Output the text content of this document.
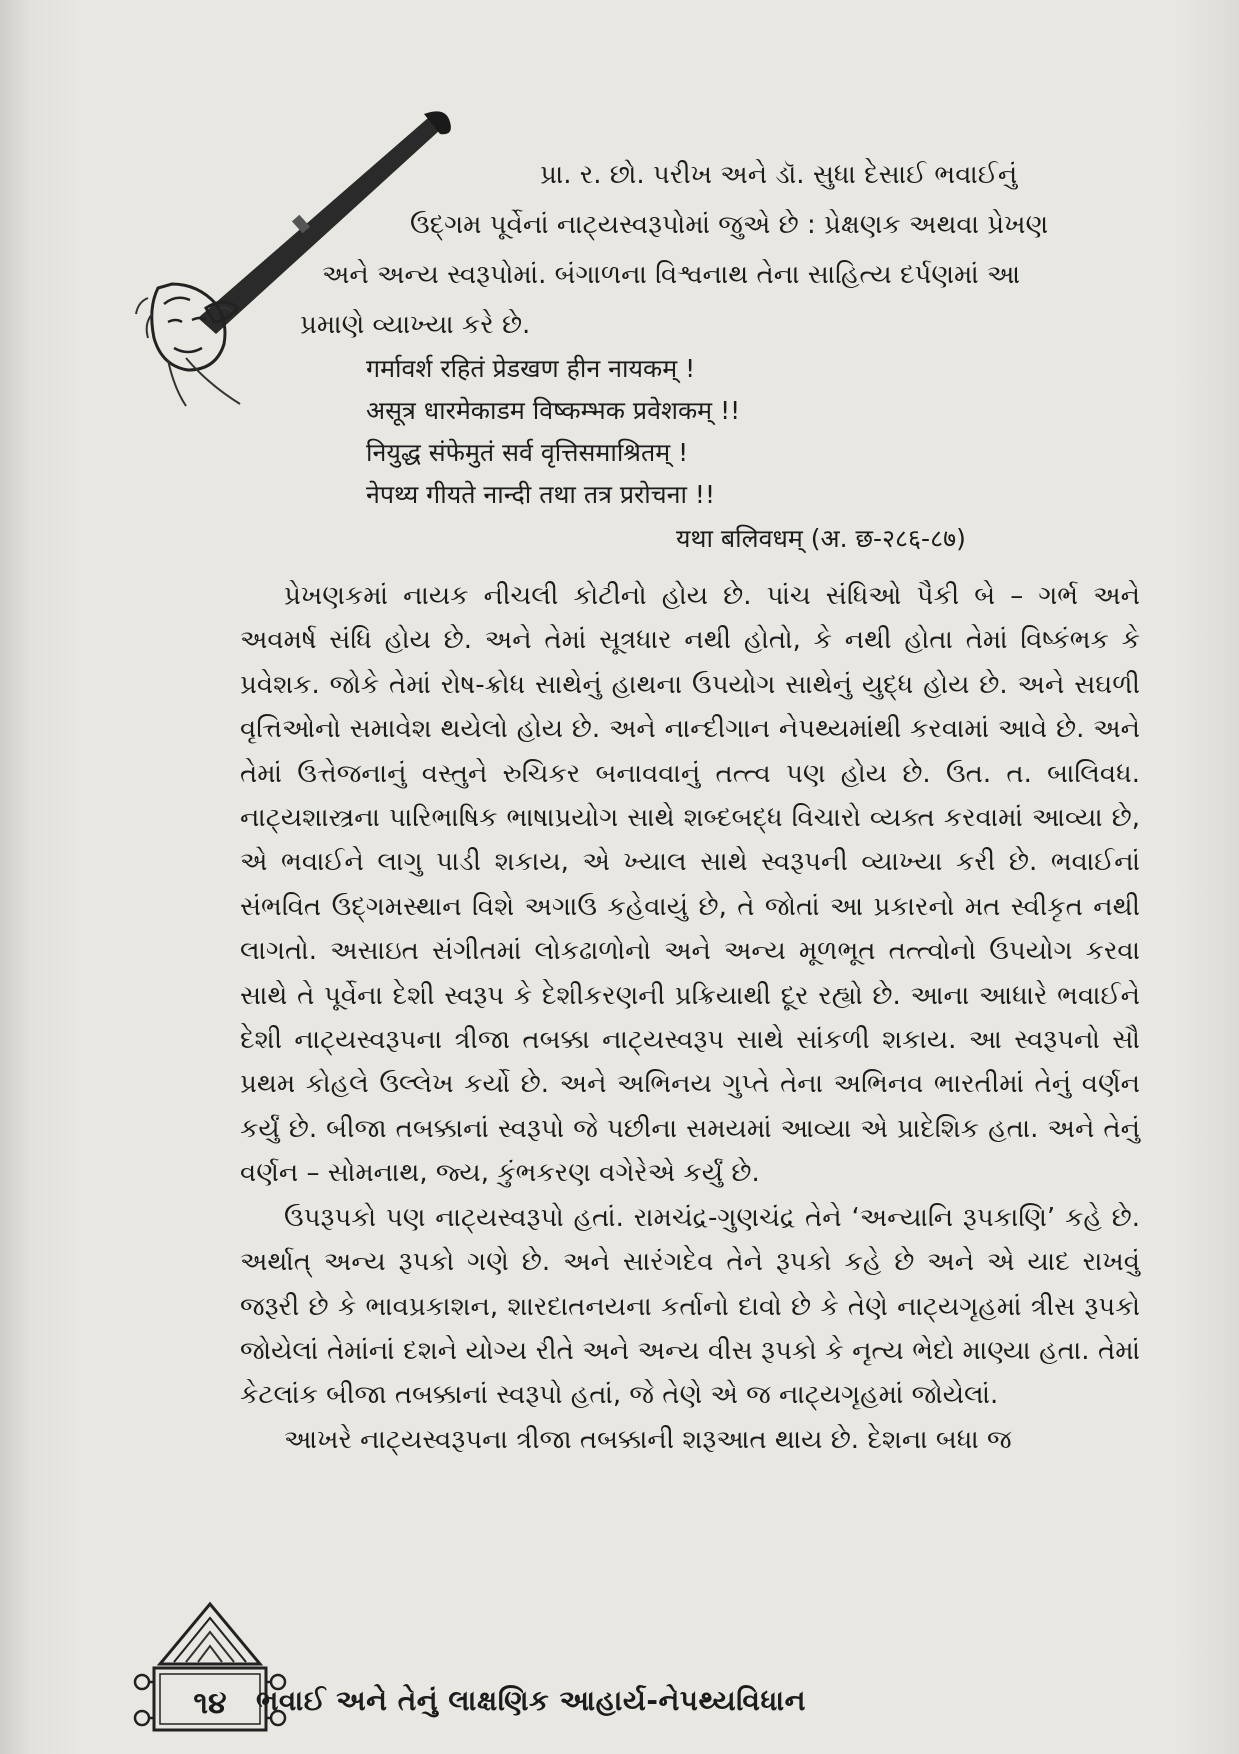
પ્રા. ર. છો. પરીખ અને ડૉ. સુધા દેસાઈ ભવાઈનું

ઉદ્ગમ પૂર્વેનાં નાટ્યસ્વરૂપોમાં જુએ છે : પ્રેક્ષણક અથવા પ્રેખણ

અને અન્ય સ્વરૂપોમાં. બંગાળના વિશ્વનાથ તેના સાહિત્ય દર્પણમાં આ

પ્રમાણે વ્યાખ્યા કરે છે.

गर्मावर्श रहितं प्रेडखण हीन नायकम् !

असूत्र धारमेकाडम विष्कम्भक प्रवेशकम् !!

नियुद्ध संफेमुतं सर्व वृत्तिसमाश्रितम् !

नेपथ्य गीयते नान्दी तथा तत्र प्ररोचना !!

यथा बलिवधम् (अ. छ-२८६-८७)

પ્રેખણકમાં નાયક નીચલી કોટીનો હોય છે. પાંચ સંધિઓ પૈકી બે – ગર્ભ અને અવમર્ષ સંધિ હોય છે. અને તેમાં સૂત્રધાર નથી હોતો, કે નથી હોતા તેમાં વિષ્કંભક કે પ્રવેશક. જોકે તેમાં રોષ-ક્રોધ સાથેનું હાથના ઉપયોગ સાથેનું યુદ્ધ હોય છે. અને સઘળી વૃત્તિઓનો સમાવેશ થયેલો હોય છે. અને નાન્દીગાન નેપથ્યમાંથી કરવામાં આવે છે. અને તેમાં ઉત્તેજનાનું વસ્તુને રુચિકર બનાવવાનું તત્ત્વ પણ હોય છે. ઉત. ત. બાલિવધ. નાટ્યશાસ્ત્રના પારિભાષિક ભાષાપ્રયોગ સાથે શબ્દબદ્ધ વિચારો વ્યક્ત કરવામાં આવ્યા છે, એ ભવાઈને લાગુ પાડી શકાય, એ ખ્યાલ સાથે સ્વરૂપની વ્યાખ્યા કરી છે. ભવાઈનાં સંભવિત ઉદ્ગમસ્થાન વિશે અગાઉ કહેવાયું છે, તે જોતાં આ પ્રકારનો મત સ્વીકૃત નથી લાગતો. અસાઇત સંગીતમાં લોકઢાળોનો અને અન્ય મૂળભૂત તત્ત્વોનો ઉપયોગ કરવા સાથે તે પૂર્વેના દેશી સ્વરૂપ કે દેશીકરણની પ્રક્રિયાથી દૂર રહ્યો છે. આના આધારે ભવાઈને દેશી નાટ્યસ્વરૂપના ત્રીજા તબક્કા નાટ્યસ્વરૂપ સાથે સાંકળી શકાય. આ સ્વરૂપનો સૌ પ્રથમ કોહલે ઉલ્લેખ કર્યો છે. અને અભિનય ગુપ્તે તેના અભિનવ ભારતીમાં તેનું વર્ણન કર્યું છે. બીજા તબક્કાનાં સ્વરૂપો જે પછીના સમયમાં આવ્યા એ પ્રાદેશિક હતા. અને તેનું વર્ણન – સોમનાથ, જ્ય, કુંભકરણ વગેરેએ કર્યું છે.

ઉપરૂપકો પણ નાટ્યસ્વરૂપો હતાં. રામચંદ્ર-ગુણચંદ્ર તેને ‘અન્યાનિ રૂપકાણિ’ કહે છે. અર્થાત્ અન્ય રૂપકો ગણે છે. અને સારંગદેવ તેને રૂપકો કહે છે અને એ યાદ રાખવું જરૂરી છે કે ભાવપ્રકાશન, શારદાતનયના કર્તાનો દાવો છે કે તેણે નાટ્યગૃહમાં ત્રીસ રૂપકો જોયેલાં તેમાંનાં દશને યોગ્ય રીતે અને અન્ય વીસ રૂપકો કે નૃત્ય ભેદો માણ્યા હતા. તેમાં કેટલાંક બીજા તબક્કાનાં સ્વરૂપો હતાં, જે તેણે એ જ નાટ્યગૃહમાં જોયેલાં.

આખરે નાટ્યસ્વરૂપના ત્રીજા તબક્કાની શરૂઆત થાય છે. દેશના બધા જ

૧૪	ભવાઈ અને તેનું લાક્ષણિક આહાર્ય-નેપથ્યવિધાન
